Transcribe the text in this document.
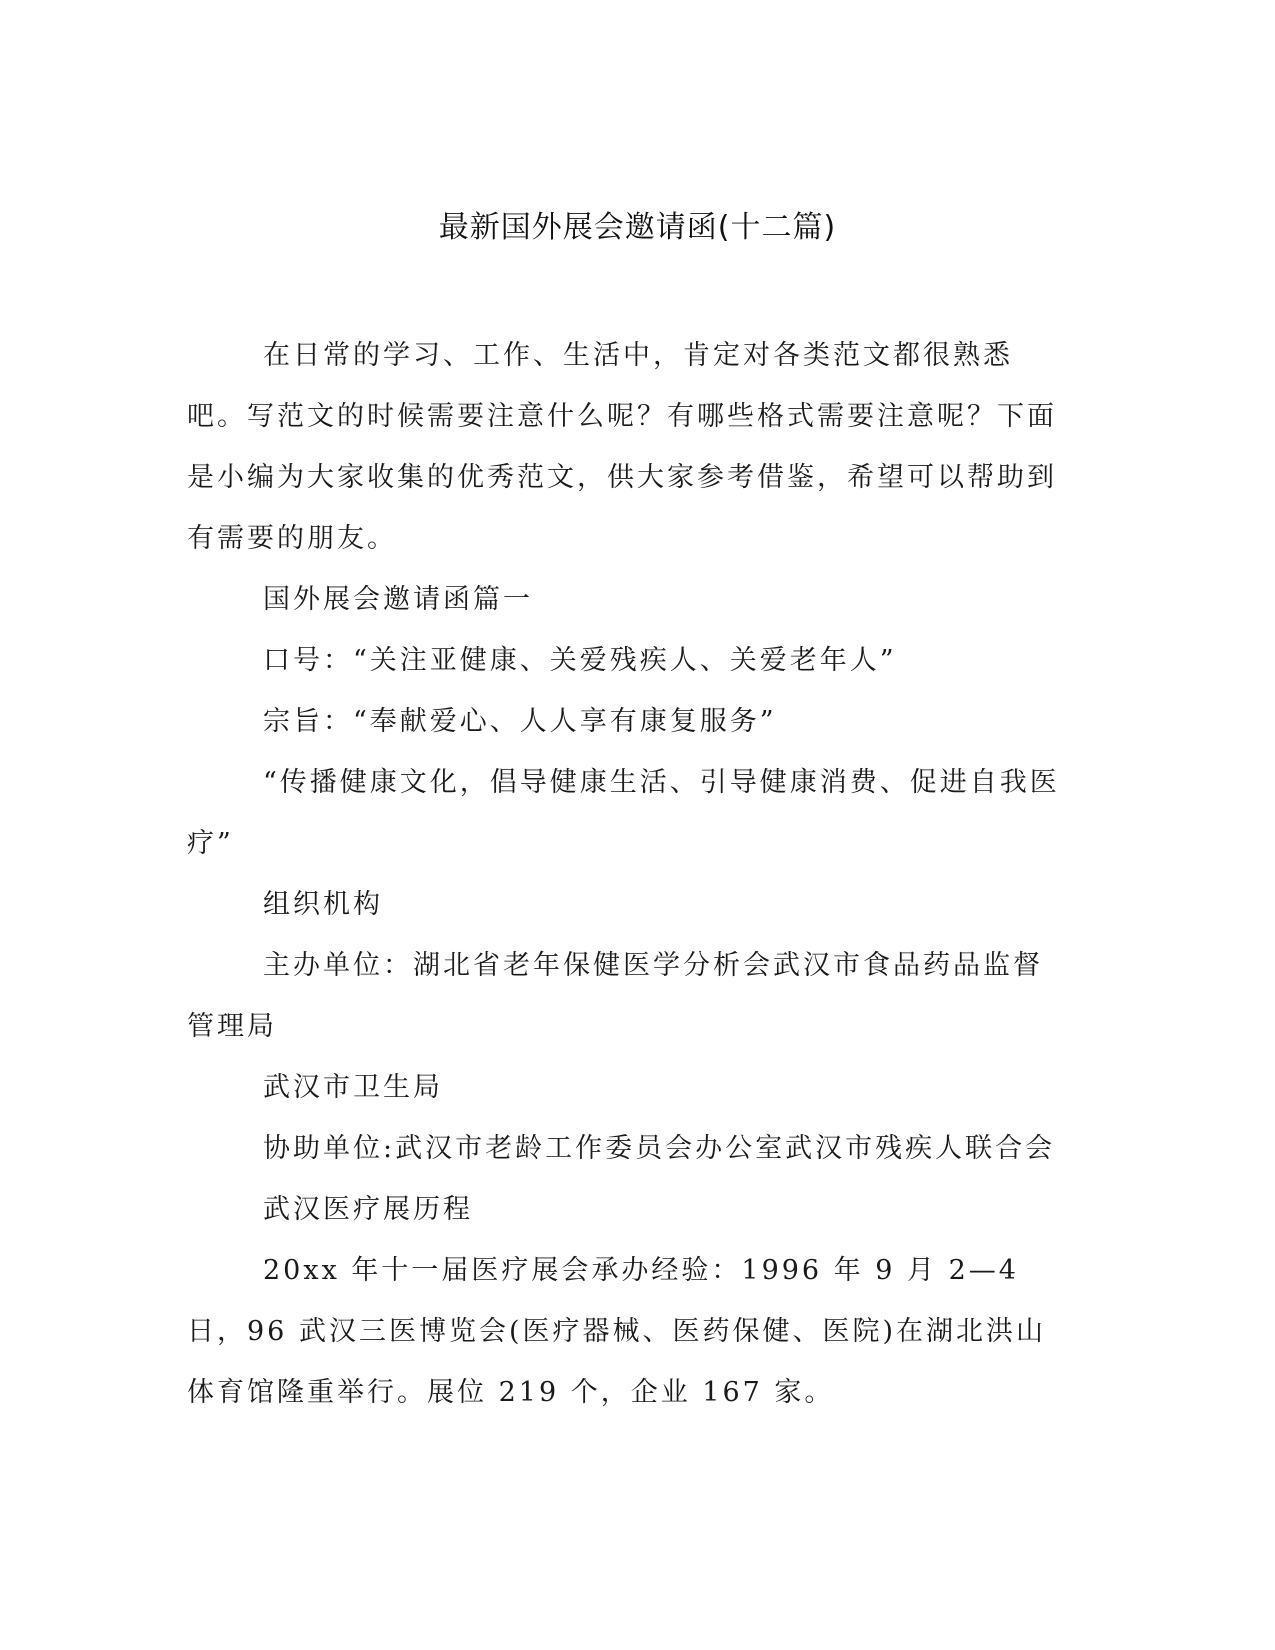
最新国外展会邀请函(十二篇)

在日常的学习、工作、生活中，肯定对各类范文都很熟悉吧。写范文的时候需要注意什么呢？有哪些格式需要注意呢？下面是小编为大家收集的优秀范文，供大家参考借鉴，希望可以帮助到有需要的朋友。

国外展会邀请函篇一

口号：“关注亚健康、关爱残疾人、关爱老年人”

宗旨：“奉献爱心、人人享有康复服务”

“传播健康文化，倡导健康生活、引导健康消费、促进自我医疗”

组织机构

主办单位：湖北省老年保健医学分析会武汉市食品药品监督管理局

武汉市卫生局

协助单位:武汉市老龄工作委员会办公室武汉市残疾人联合会

武汉医疗展历程

20xx 年十一届医疗展会承办经验：1996 年 9 月 2—4 日，96 武汉三医博览会(医疗器械、医药保健、医院)在湖北洪山体育馆隆重举行。展位 219 个，企业 167 家。
